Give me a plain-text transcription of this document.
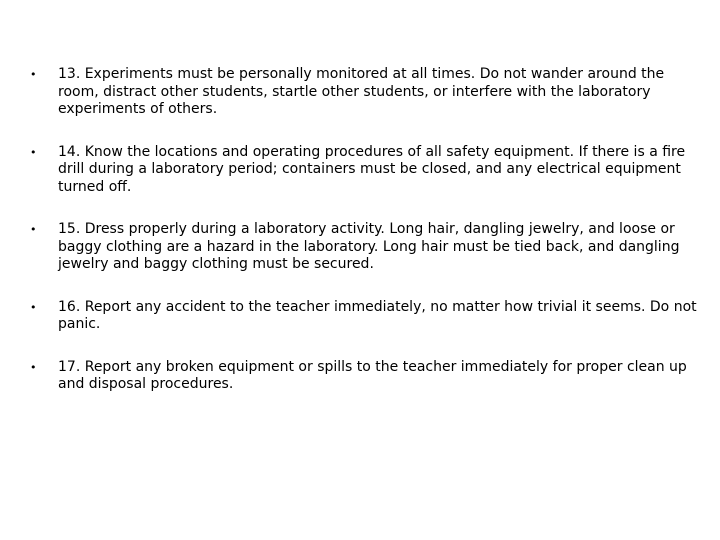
• 13. Experiments must be personally monitored at all times. Do not wander around the room, distract other students, startle other students, or interfere with the laboratory experiments of others.
• 14. Know the locations and operating procedures of all safety equipment. If there is a fire drill during a laboratory period; containers must be closed, and any electrical equipment turned off.
• 15. Dress properly during a laboratory activity. Long hair, dangling jewelry, and loose or baggy clothing are a hazard in the laboratory. Long hair must be tied back, and dangling jewelry and baggy clothing must be secured.
• 16. Report any accident to the teacher immediately, no matter how trivial it seems. Do not panic.
• 17. Report any broken equipment or spills to the teacher immediately for proper clean up and disposal procedures.
